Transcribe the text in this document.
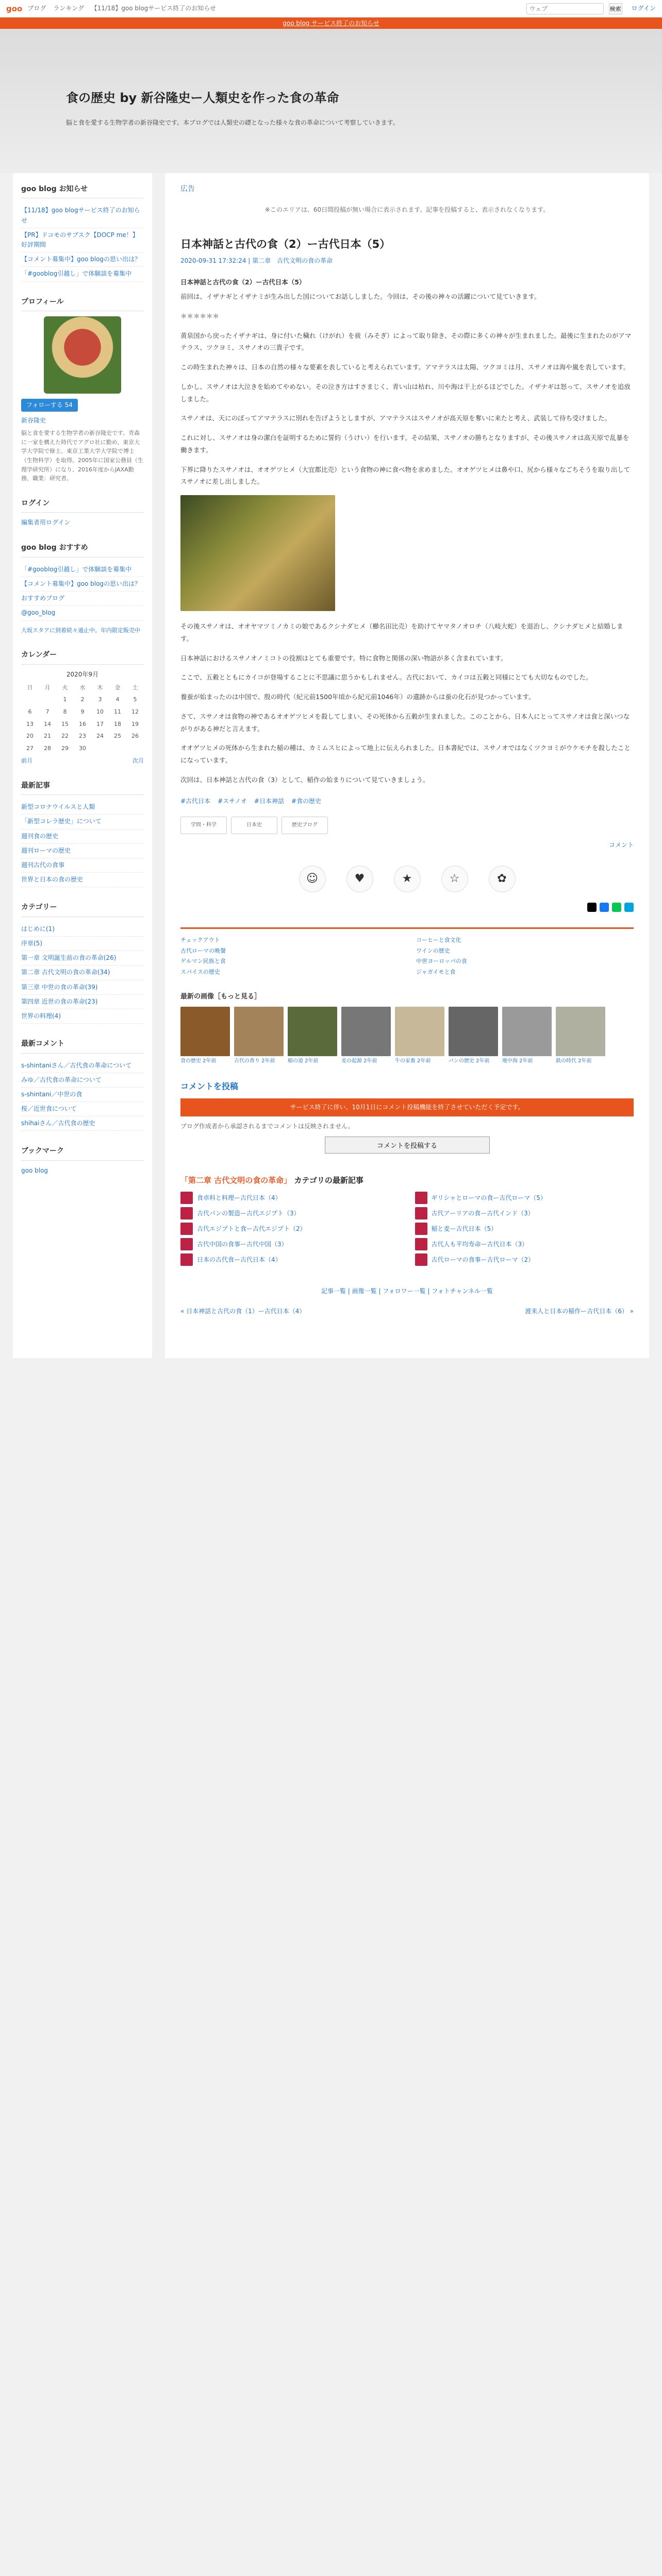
goo ブログ ランキング 【11/18】goo blogサービス終了のお知らせ
ウェブ	検索 ログイン
goo blog サービス終了のお知らせ
食の歴史 by 新谷隆史ー人類史を作った食の革命
脳と食を愛する生物学者の新谷隆史です。本ブログでは人類史の礎となった様々な食の革命について考察していきます。
goo blog お知らせ
【11/18】goo blogサービス終了のお知らせ
【PR】ドコモのサブスク【DOCP me！】好評期間
【コメント募集中】goo blogの思い出は？
「#gooblog引越し」で体験談を募集中
プロフィール
フォローする 54
新谷隆史
脳と食を愛する生物学者の新谷隆史です。青森に一家を構えた時代でアグロ社に勤め、東京大学大学院で修士、東京工業大学大学院で博士（生物科学）を取得。2005年に国家公務員（生理学研究所）になり、2016年度からJAXA勤務、職業：研究者。
ログイン
編集者用ログイン
goo blog おすすめ
「#gooblog引越し」で体験談を募集中
【コメント募集中】goo blogの思い出は？
おすすめブログ
@goo_blog
大坂スタアに到着続々通止中。年内限定販売中
カレンダー
2020年9月
日	月	火	水	木	金	土
		1	2	3	4	5
6	7	8	9	10	11	12
13	14	15	16	17	18	19
20	21	22	23	24	25	26
27	28	29	30			
前月	次月
最新記事
新型コロナウイルスと人類
「新型コレラ歴史」について
週刊食の歴史
週刊ローマの歴史
週刊古代の食事
世界と日本の食の歴史
カテゴリー
はじめに(1)
序章(5)
第一章 文明誕生前の食の革命(26)
第二章 古代文明の食の革命(34)
第三章 中世の食の革命(39)
第四章 近世の食の革命(23)
世界の料理(4)
最新コメント
s-shintaniさん／古代食の革命について
みゆ／古代食の革命について
s-shintani／中世の食
桜／近世食について
shihaiさん／古代食の歴史
ブックマーク
goo blog
広告
※このエリアは、60日間投稿が無い場合に表示されます。記事を投稿すると、表示されなくなります。
日本神話と古代の食（2）ー古代日本（5）
2020-09-31 17:32:24 | 第二章　古代文明の食の革命

日本神話と古代の食（2）ー古代日本（5）

前回は、イザナギとイザナミが生み出した国についてお話ししました。今回は、その後の神々の活躍について見ていきます。

＊＊＊＊＊＊

黄泉国から戻ったイザナギは、身に付いた穢れ（けがれ）を祓（みそぎ）によって取り除き、その際に多くの神々が生まれました。最後に生まれたのがアマテラス、ツクヨミ、スサノオの三貴子です。

この時生まれた神々は、日本の自然の様々な要素を表していると考えられています。アマテラスは太陽、ツクヨミは月、スサノオは海や嵐を表しています。

しかし、スサノオは大泣きを始めてやめない。その泣き方はすさまじく、青い山は枯れ、川や海は干上がるほどでした。イザナギは怒って、スサノオを追放しました。

スサノオは、天にのぼってアマテラスに別れを告げようとしますが、アマテラスはスサノオが高天原を奪いに来たと考え、武装して待ち受けました。

これに対し、スサノオは身の潔白を証明するために誓約（うけい）を行います。その結果、スサノオの勝ちとなりますが、その後スサノオは高天原で乱暴を働きます。

下界に降りたスサノオは、オオゲツヒメ（大宜都比売）という食物の神に食べ物を求めました。オオゲツヒメは鼻や口、尻から様々なごちそうを取り出してスサノオに差し出しました。

その後スサノオは、オオヤマツミノカミの娘であるクシナダヒメ（櫛名田比売）を助けてヤマタノオロチ（八岐大蛇）を退治し、クシナダヒメと結婚します。

日本神話におけるスサノオノミコトの役割はとても重要です。特に食物と関係の深い物語が多く含まれています。

ここで、五穀とともにカイコが登場することに不思議に思うかもしれません。古代において、カイコは五穀と同様にとても大切なものでした。

養蚕が始まったのは中国で、殷の時代（紀元前1500年頃から紀元前1046年）の遺跡からは蚕の化石が見つかっています。

さて、スサノオは食物の神であるオオゲツヒメを殺してしまい、その死体から五穀が生まれました。このことから、日本人にとってスサノオは食と深いつながりがある神だと言えます。

オオゲツヒメの死体から生まれた稲の種は、カミムスヒによって地上に伝えられました。日本書紀では、スサノオではなくツクヨミがウケモチを殺したことになっています。

次回は、日本神話と古代の食（3）として、稲作の始まりについて見ていきましょう。

#古代日本 #スサノオ #日本神話 #食の歴史
学問・科学	日本史	歴史ブログ
コメント
☺	♥	★	☆	✿
チェックアウト	コーヒーと食文化
古代ローマの晩餐	ワインの歴史
ゲルマン民族と食	中世ヨーロッパの食
スパイスの歴史	ジャガイモと食
最新の画像［もっと見る］
食の歴史 2年前	古代の香り 2年前	稲の道 2年前	麦の起源 2年前	牛の家畜 2年前	パンの歴史 2年前	地中海 2年前	鉄の時代 2年前
コメントを投稿
サービス終了に伴い、10月1日にコメント投稿機能を終了させていただく予定です。
ブログ作成者から承認されるまでコメントは反映されません。
コメントを投稿する
「第二章 古代文明の食の革命」 カテゴリの最新記事
食卓料と料理ー古代日本（4）	ギリシャとローマの食ー古代ローマ（5）
古代パンの製造ー古代エジプト（3）	古代アーリアの食ー古代インド（3）
古代エジプトと食ー古代エジプト（2）	稲と麦ー古代日本（5）
古代中国の食事ー古代中国（3）	古代人も平均寿命ー古代日本（3）
日本の古代食ー古代日本（4）	古代ローマの食事ー古代ローマ（2）
記事一覧 | 画像一覧 | フォロワー一覧 | フォトチャンネル一覧
« 日本神話と古代の食（1）ー古代日本（4）	渡来人と日本の稲作ー古代日本（6） »
